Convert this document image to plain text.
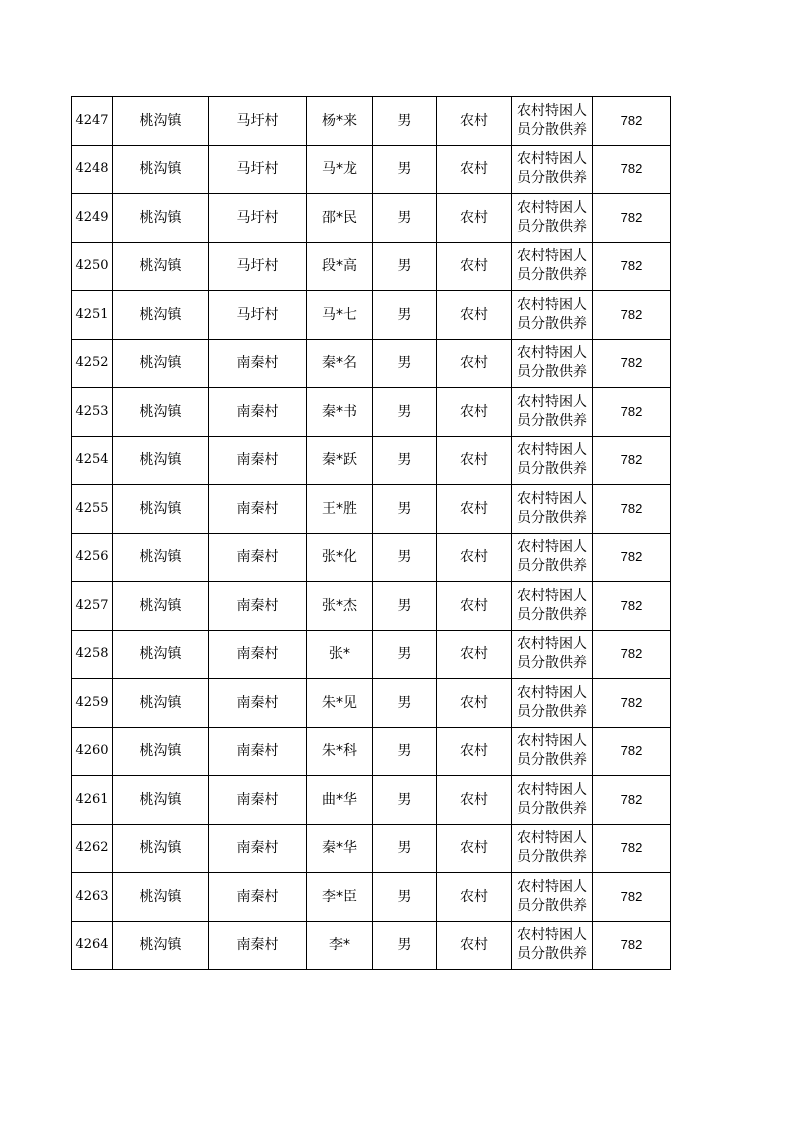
4247	桃沟镇	马圩村	杨*来	男	农村	农村特困人
员分散供养	782
4248	桃沟镇	马圩村	马*龙	男	农村	农村特困人
员分散供养	782
4249	桃沟镇	马圩村	邵*民	男	农村	农村特困人
员分散供养	782
4250	桃沟镇	马圩村	段*高	男	农村	农村特困人
员分散供养	782
4251	桃沟镇	马圩村	马*七	男	农村	农村特困人
员分散供养	782
4252	桃沟镇	南秦村	秦*名	男	农村	农村特困人
员分散供养	782
4253	桃沟镇	南秦村	秦*书	男	农村	农村特困人
员分散供养	782
4254	桃沟镇	南秦村	秦*跃	男	农村	农村特困人
员分散供养	782
4255	桃沟镇	南秦村	王*胜	男	农村	农村特困人
员分散供养	782
4256	桃沟镇	南秦村	张*化	男	农村	农村特困人
员分散供养	782
4257	桃沟镇	南秦村	张*杰	男	农村	农村特困人
员分散供养	782
4258	桃沟镇	南秦村	张*	男	农村	农村特困人
员分散供养	782
4259	桃沟镇	南秦村	朱*见	男	农村	农村特困人
员分散供养	782
4260	桃沟镇	南秦村	朱*科	男	农村	农村特困人
员分散供养	782
4261	桃沟镇	南秦村	曲*华	男	农村	农村特困人
员分散供养	782
4262	桃沟镇	南秦村	秦*华	男	农村	农村特困人
员分散供养	782
4263	桃沟镇	南秦村	李*臣	男	农村	农村特困人
员分散供养	782
4264	桃沟镇	南秦村	李*	男	农村	农村特困人
员分散供养	782
